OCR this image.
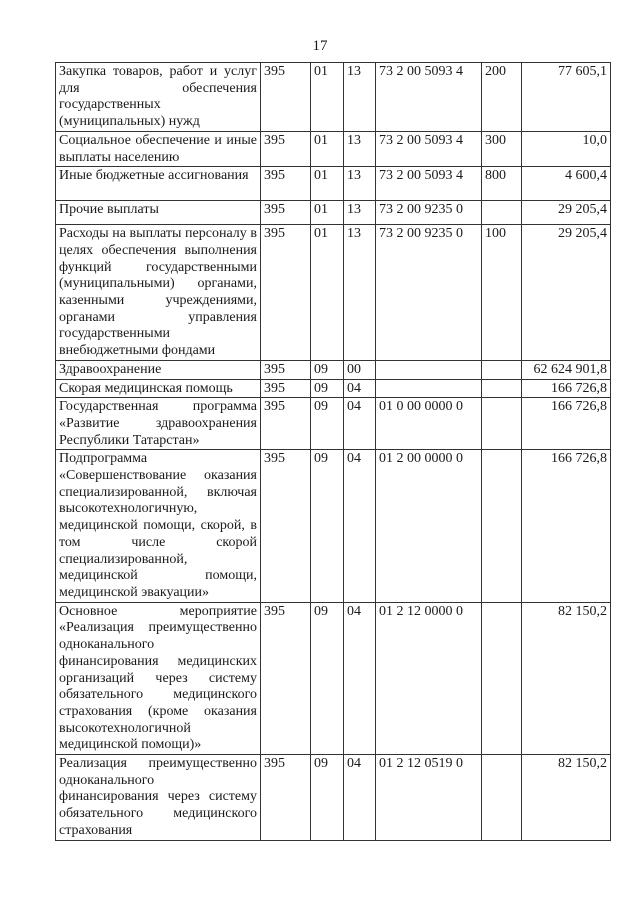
17
Закупка товаров, работ и услуг для обеспечения государственных (муниципальных) нужд	395	01	13	73 2 00 5093 4	200	77 605,1
Социальное обеспечение и иные выплаты населению	395	01	13	73 2 00 5093 4	300	10,0
Иные бюджетные ассигнования	395	01	13	73 2 00 5093 4	800	4 600,4
Прочие выплаты	395	01	13	73 2 00 9235 0		29 205,4
Расходы на выплаты персоналу в целях обеспечения выполнения функций государственными (муниципальными) органами, казенными учреждениями, органами управления государственными внебюджетными фондами	395	01	13	73 2 00 9235 0	100	29 205,4
Здравоохранение	395	09	00			62 624 901,8
Скорая медицинская помощь	395	09	04			166 726,8
Государственная программа «Развитие здравоохранения Республики Татарстан»	395	09	04	01 0 00 0000 0		166 726,8
Подпрограмма «Совершенствование оказания специализированной, включая высокотехнологичную, медицинской помощи, скорой, в том числе скорой специализированной, медицинской помощи, медицинской эвакуации»	395	09	04	01 2 00 0000 0		166 726,8
Основное мероприятие «Реализация преимущественно одноканального финансирования медицинских организаций через систему обязательного медицинского страхования (кроме оказания высокотехнологичной медицинской помощи)»	395	09	04	01 2 12 0000 0		82 150,2
Реализация преимущественно одноканального финансирования через систему обязательного медицинского страхования	395	09	04	01 2 12 0519 0		82 150,2
